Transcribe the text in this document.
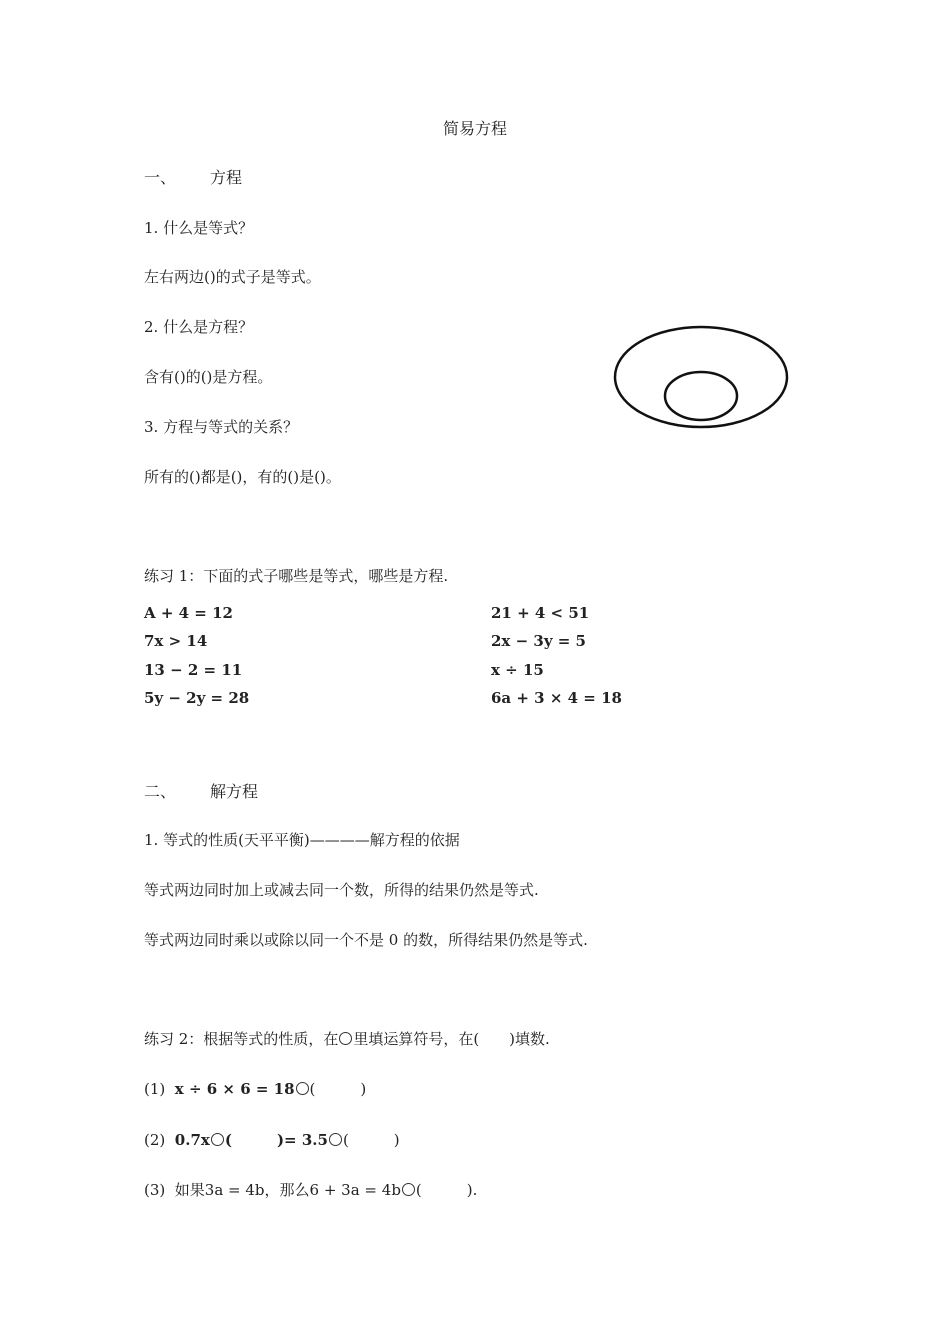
简易方程
一、 方程
1. 什么是等式？
左右两边()的式子是等式。
2. 什么是方程？
含有()的()是方程。
3. 方程与等式的关系？
所有的()都是()，有的()是()。
练习 1：下面的式子哪些是等式，哪些是方程.
A + 4 = 12
7x > 14
13 − 2 = 11
5y − 2y = 28
21 + 4 < 51
2x − 3y = 5
x ÷ 15
6a + 3 × 4 = 18
二、 解方程
1. 等式的性质(天平平衡)————解方程的依据
等式两边同时加上或减去同一个数，所得的结果仍然是等式.
等式两边同时乘以或除以同一个不是 0 的数，所得结果仍然是等式.
练习 2：根据等式的性质，在 里填运算符号，在(　　)填数.
(1) x ÷ 6 × 6 = 18 (　　　)
(2) 0.7x (　　　)= 3.5 (　　　)
(3) 如果3a = 4b，那么6 + 3a = 4b (　　　).
